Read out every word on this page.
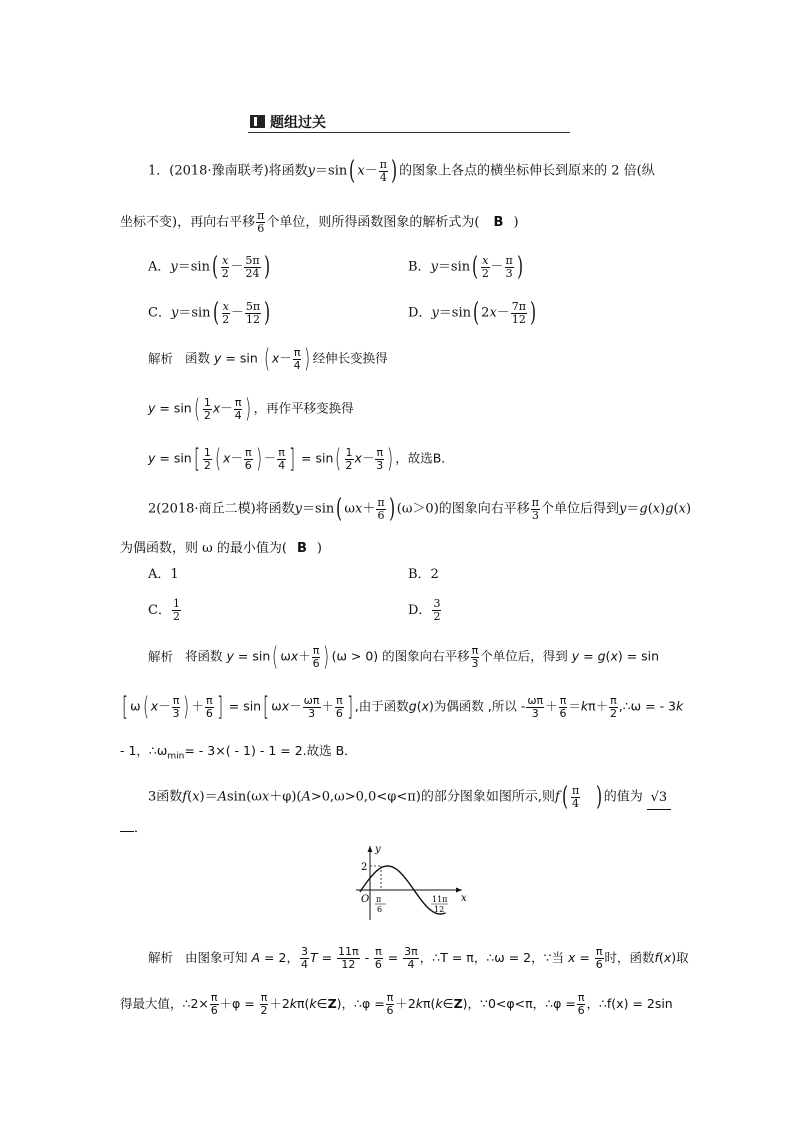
题组过关
1．(2018·豫南联考)将函数y＝sin( $x- \frac{\pi}{4}$ ) 的图象上各点的横坐标伸长到原来的 2 倍(纵
坐标不变)，再向右平移 $\frac{\pi}{6}$ 个单位，则所得函数图象的解析式为( B )
A．$y=\sin( \frac{x}{2} - \frac{5\pi}{24}$ )	B．$y=\sin( \frac{x}{2} - \frac{\pi}{3}$ )
C．$y=\sin( \frac{x}{2} - \frac{5\pi}{12}$ )	D．y＝sin( $2x- \frac{7\pi}{12}$ )
解析 函数 y = sin ( $x- \frac{\pi}{4}$ ) 经伸长变换得
$y = \sin( \frac{1}{2} x- \frac{\pi}{4}$ ) ，再作平移变换得
$y = \sin[ \frac{1}{2}$ ( $x- \frac{\pi}{6}$ ) － $\frac{\pi}{4}$ ] = $\sin( \frac{1}{2} x- \frac{\pi}{3}$ ) ，故选B．
2(2018·商丘二模)将函数y＝sin( $\omega x+ \frac{\pi}{6}$ ) (ω＞0)的图象向右平移 $\frac{\pi}{3}$ 个单位后得到y＝g(x)g(x)
为偶函数，则 ω 的最小值为( B )
A．1	B．2
C． $\frac{1}{2}$	D． $\frac{3}{2}$
解析 将函数 y = sin( $\omega x+ \frac{\pi}{6}$ ) (ω > 0) 的图象向右平移 $\frac{\pi}{3}$ 个单位后，得到 y = g(x) = sin
[ ω( $x- \frac{\pi}{3}$ ) ＋ $\frac{\pi}{6}$ ] = sin[ $\omega x- \frac{\omega\pi}{3} + \frac{\pi}{6}$ ] ,由于函数g(x)为偶函数 ,所以 - $\frac{\omega\pi}{3} + \frac{\pi}{6} =k\pi+ \frac{\pi}{2}$ ,∴ω = - 3k
- 1，$\therefore\omega_{min}= - 3\times( - 1) - 1 = 2$.故选 B．
3函数f(x)＝Asin(ωx＋φ)(A>0,ω>0,0<φ<π)的部分图象如图所示,则$f( \frac{\pi}{4}$ ) 的值为 √3
．
y
x
O
2
π
6
11π
12
解析 由图象可知 A = 2， $\frac{3}{4}$ $T = \frac{11\pi}{12} - \frac{\pi}{6} = \frac{3\pi}{4}$ ，∴T = π，∴ω = 2，∵当 $x = \frac{\pi}{6}$ 时，函数f(x)取
得最大值，∴2× $\frac{\pi}{6} +\varphi = \frac{\pi}{2}$ ＋2kπ(k∈Z)，∴φ = $\frac{\pi}{6}$ ＋2kπ(k∈Z)，∵0<φ<π，∴φ = $\frac{\pi}{6}$ ，∴f(x) = 2sin
